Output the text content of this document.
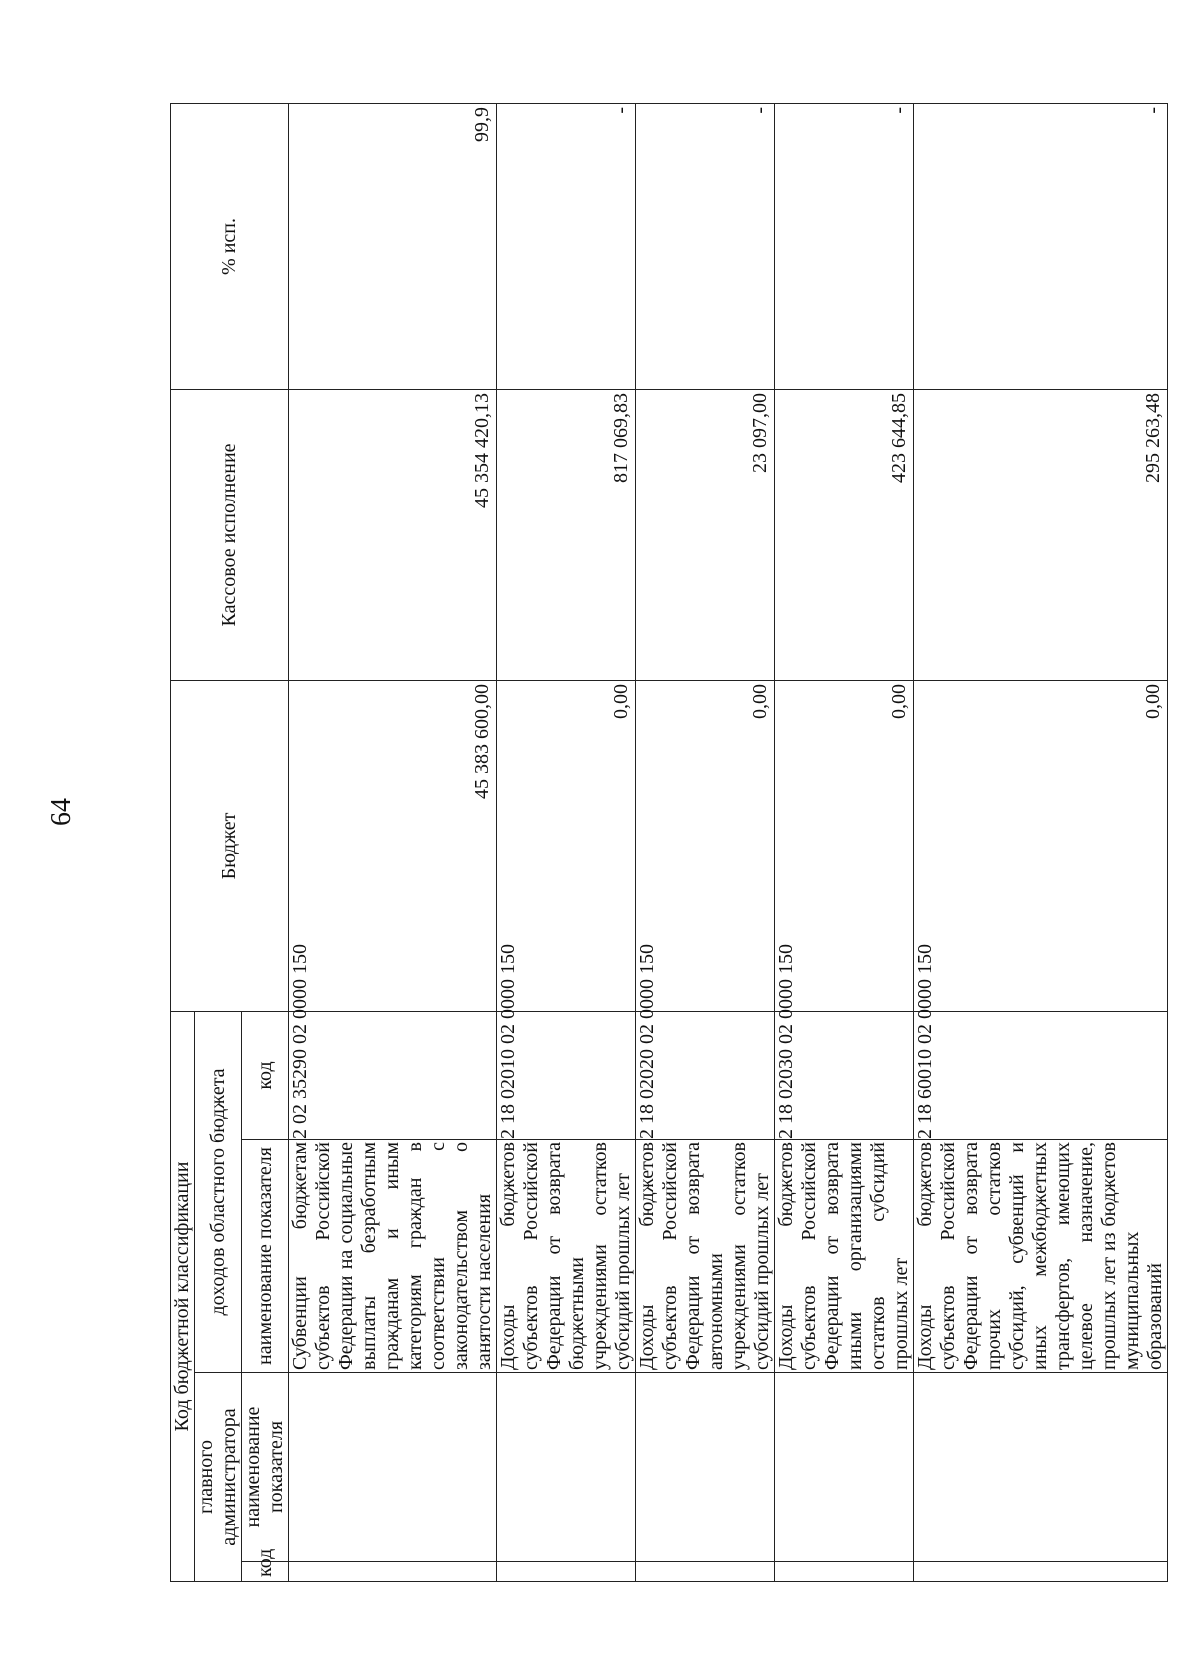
64
Код бюджетной классификации				Бюджет	Кассовое исполнение	% исп.
главного администратора		доходов областного бюджета				
код	наименование показателя	наименование показателя	код			
		Субвенции бюджетам субъектов Российской Федерации на социальные выплаты безработным гражданам и иным категориям граждан в соответствии с законодательством о занятости населения	2 02 35290 02 0000 150	45 383 600,00	45 354 420,13	99,9
		Доходы бюджетов субъектов Российской Федерации от возврата бюджетными учреждениями остатков субсидий прошлых лет	2 18 02010 02 0000 150	0,00	817 069,83	-
		Доходы бюджетов субъектов Российской Федерации от возврата автономными учреждениями остатков субсидий прошлых лет	2 18 02020 02 0000 150	0,00	23 097,00	-
		Доходы бюджетов субъектов Российской Федерации от возврата иными организациями остатков субсидий прошлых лет	2 18 02030 02 0000 150	0,00	423 644,85	-
		Доходы бюджетов субъектов Российской Федерации от возврата прочих остатков субсидий, субвенций и иных межбюджетных трансфертов, имеющих целевое назначение, прошлых лет из бюджетов муниципальных образований	2 18 60010 02 0000 150	0,00	295 263,48	-
